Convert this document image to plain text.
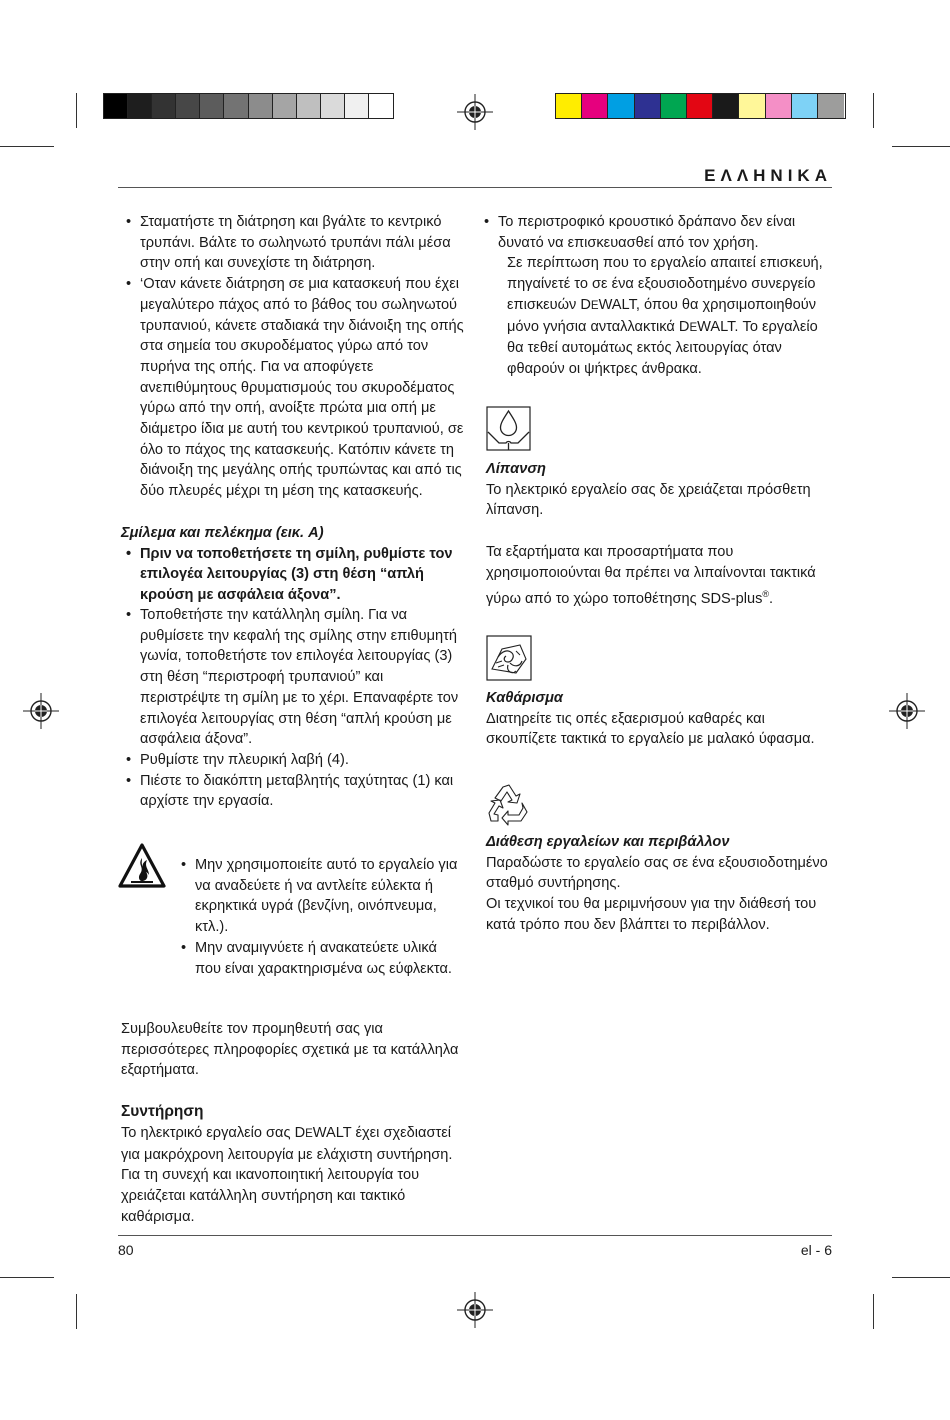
ΕΛΛΗΝΙΚΑ
• Σταματήστε τη διάτρηση και βγάλτε το κεντρικό τρυπάνι. Βάλτε το σωληνωτό τρυπάνι πάλι μέσα στην οπή και συνεχίστε τη διάτρηση.
• ‘Οταν κάνετε διάτρηση σε μια κατασκευή που έχει μεγαλύτερο πάχος από το βάθος του σωληνωτού τρυπανιού, κάνετε σταδιακά την διάνοιξη της οπής στα σημεία του σκυροδέματος γύρω από τον πυρήνα της οπής. Για να αποφύγετε ανεπιθύμητους θρυματισμούς του σκυροδέματος γύρω από την οπή, ανοίξτε πρώτα μια οπή με διάμετρο ίδια με αυτή του κεντρικού τρυπανιού, σε όλο το πάχος της κατασκευής. Κατόπιν κάνετε τη διάνοιξη της μεγάλης οπής τρυπώντας και από τις δύο πλευρές μέχρι τη μέση της κατασκευής.

Σμίλεμα και πελέκημα (εικ. A)

• Πριν να τοποθετήσετε τη σμίλη, ρυθμίστε τον επιλογέα λειτουργίας (3) στη θέση “απλή κρούση με ασφάλεια άξονα”.
• Τοποθετήστε την κατάλληλη σμίλη. Για να ρυθμίσετε την κεφαλή της σμίλης στην επιθυμητή γωνία, τοποθετήστε τον επιλογέα λειτουργίας (3) στη θέση “περιστροφή τρυπανιού” και περιστρέψτε τη σμίλη με το χέρι. Επαναφέρτε τον επιλογέα λειτουργίας στη θέση “απλή κρούση με ασφάλεια άξονα”.
• Ρυθμίστε την πλευρική λαβή (4).
• Πιέστε το διακόπτη μεταβλητής ταχύτητας (1) και αρχίστε την εργασία.
• Μην χρησιμοποιείτε αυτό το εργαλείο για να αναδεύετε ή να αντλείτε εύλεκτα ή εκρηκτικά υγρά (βενζίνη, οινόπνευμα, κτλ.).
• Μην αναμιγνύετε ή ανακατεύετε υλικά που είναι χαρακτηρισμένα ως εύφλεκτα.

Συμβουλευθείτε τον προμηθευτή σας για περισσότερες πληροφορίες σχετικά με τα κατάλληλα εξαρτήματα.

Συντήρηση

Το ηλεκτρικό εργαλείο σας DEWALT έχει σχεδιαστεί για μακρόχρονη λειτουργία με ελάχιστη συντήρηση. Για τη συνεχή και ικανοποιητική λειτουργία του χρειάζεται κατάλληλη συντήρηση και τακτικό καθάρισμα.

• Το περιστροφικό κρουστικό δράπανο δεν είναι δυνατό να επισκευασθεί από τον χρήση.

Σε περίπτωση που το εργαλείο απαιτεί επισκευή, πηγαίνετέ το σε ένα εξουσιοδοτημένο συνεργείο επισκευών DEWALT, όπου θα χρησιμοποιηθούν μόνο γνήσια ανταλλακτικά DEWALT. Το εργαλείο θα τεθεί αυτομάτως εκτός λειτουργίας όταν φθαρούν οι ψήκτρες άνθρακα.

Λίπανση

Το ηλεκτρικό εργαλείο σας δε χρειάζεται πρόσθετη λίπανση.

Τα εξαρτήματα και προσαρτήματα που χρησιμοποιούνται θα πρέπει να λιπαίνονται τακτικά γύρω από το χώρο τοποθέτησης SDS-plus®.

Καθάρισμα

Διατηρείτε τις οπές εξαερισμού καθαρές και σκουπίζετε τακτικά το εργαλείο με μαλακό ύφασμα.

Διάθεση εργαλείων και περιβάλλον

Παραδώστε το εργαλείο σας σε ένα εξουσιοδοτημένο σταθμό συντήρησης.

Οι τεχνικοί του θα μεριμνήσουν για την διάθεσή του κατά τρόπο που δεν βλάπτει το περιβάλλον.

80	el - 6
